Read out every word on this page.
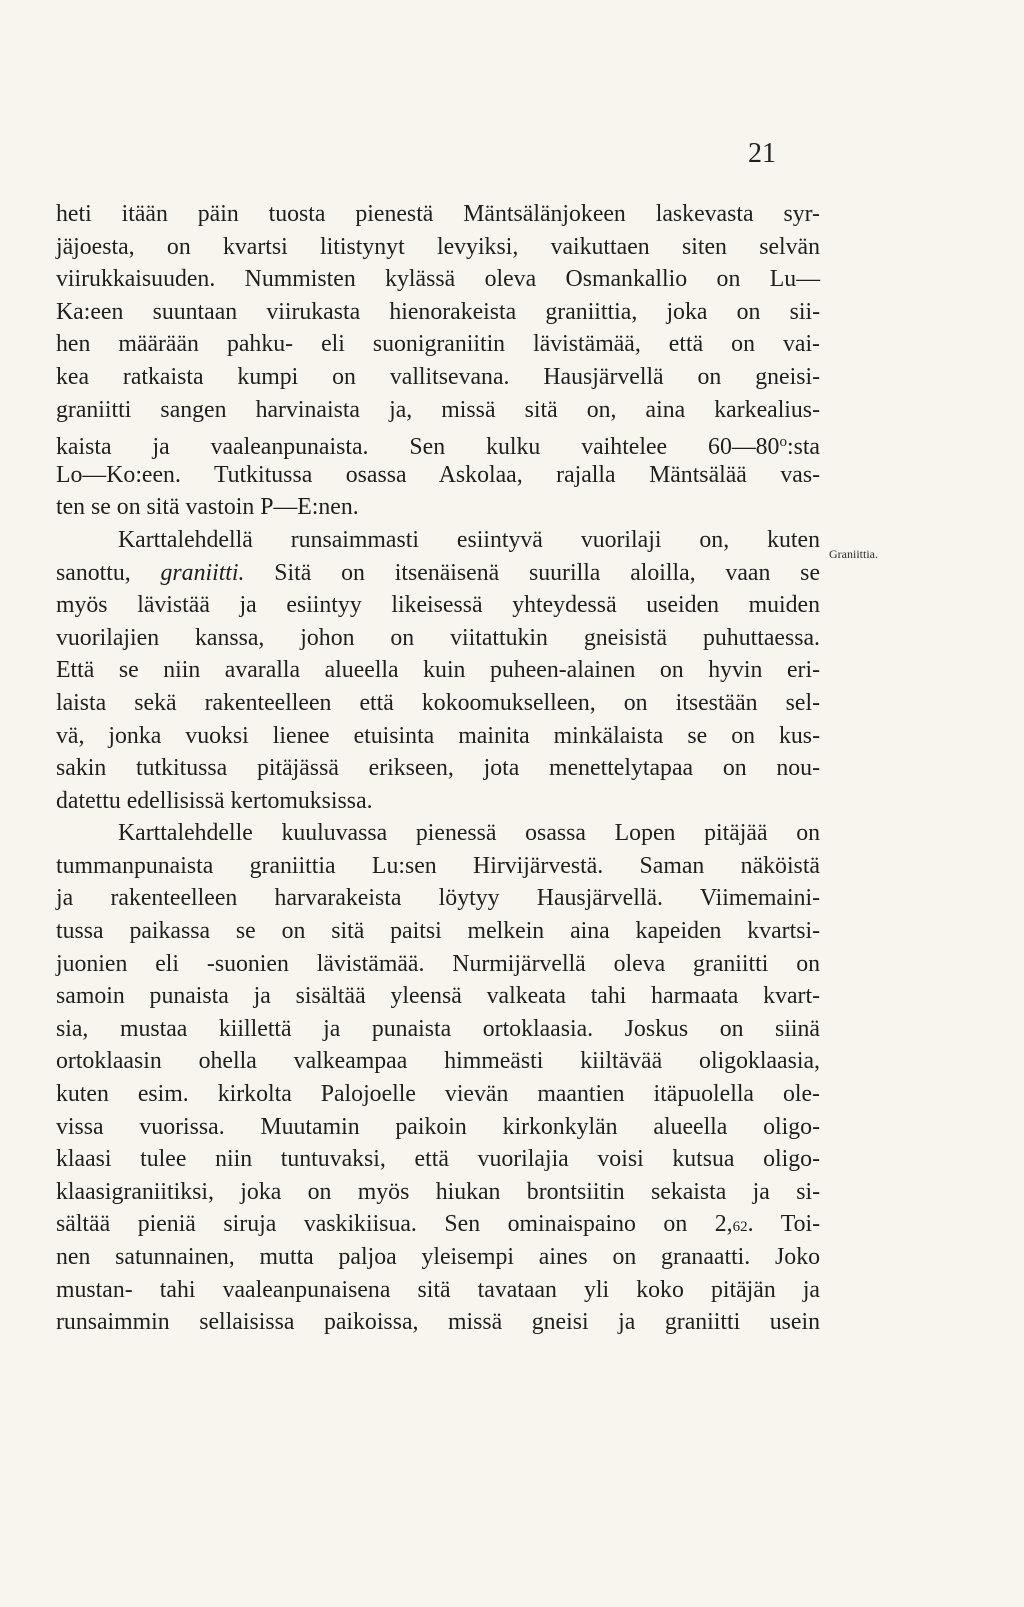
21
Graniittia.
heti itään päin tuosta pienestä Mäntsälänjokeen laskevasta syr-
jäjoesta, on kvartsi litistynyt levyiksi, vaikuttaen siten selvän
viirukkaisuuden. Nummisten kylässä oleva Osmankallio on Lu—
Ka:een suuntaan viirukasta hienorakeista graniittia, joka on sii-
hen määrään pahku- eli suonigraniitin lävistämää, että on vai-
kea ratkaista kumpi on vallitsevana. Hausjärvellä on gneisi-
graniitti sangen harvinaista ja, missä sitä on, aina karkealius-
kaista ja vaaleanpunaista. Sen kulku vaihtelee 60—80$^o$:sta
Lo—Ko:een. Tutkitussa osassa Askolaa, rajalla Mäntsälää vas-
ten se on sitä vastoin P—E:nen.
Karttalehdellä runsaimmasti esiintyvä vuorilaji on, kuten
sanottu, graniitti. Sitä on itsenäisenä suurilla aloilla, vaan se
myös lävistää ja esiintyy likeisessä yhteydessä useiden muiden
vuorilajien kanssa, johon on viitattukin gneisistä puhuttaessa.
Että se niin avaralla alueella kuin puheen-alainen on hyvin eri-
laista sekä rakenteelleen että kokoomukselleen, on itsestään sel-
vä, jonka vuoksi lienee etuisinta mainita minkälaista se on kus-
sakin tutkitussa pitäjässä erikseen, jota menettelytapaa on nou-
datettu edellisissä kertomuksissa.
Karttalehdelle kuuluvassa pienessä osassa Lopen pitäjää on
tummanpunaista graniittia Lu:sen Hirvijärvestä. Saman näköistä
ja rakenteelleen harvarakeista löytyy Hausjärvellä. Viimemaini-
tussa paikassa se on sitä paitsi melkein aina kapeiden kvartsi-
juonien eli -suonien lävistämää. Nurmijärvellä oleva graniitti on
samoin punaista ja sisältää yleensä valkeata tahi harmaata kvart-
sia, mustaa kiillettä ja punaista ortoklaasia. Joskus on siinä
ortoklaasin ohella valkeampaa himmeästi kiiltävää oligoklaasia,
kuten esim. kirkolta Palojoelle vievän maantien itäpuolella ole-
vissa vuorissa. Muutamin paikoin kirkonkylän alueella oligo-
klaasi tulee niin tuntuvaksi, että vuorilajia voisi kutsua oligo-
klaasigraniitiksi, joka on myös hiukan brontsiitin sekaista ja si-
sältää pieniä siruja vaskikiisua. Sen ominaispaino on 2,62. Toi-
nen satunnainen, mutta paljoa yleisempi aines on granaatti. Joko
mustan- tahi vaaleanpunaisena sitä tavataan yli koko pitäjän ja
runsaimmin sellaisissa paikoissa, missä gneisi ja graniitti usein
